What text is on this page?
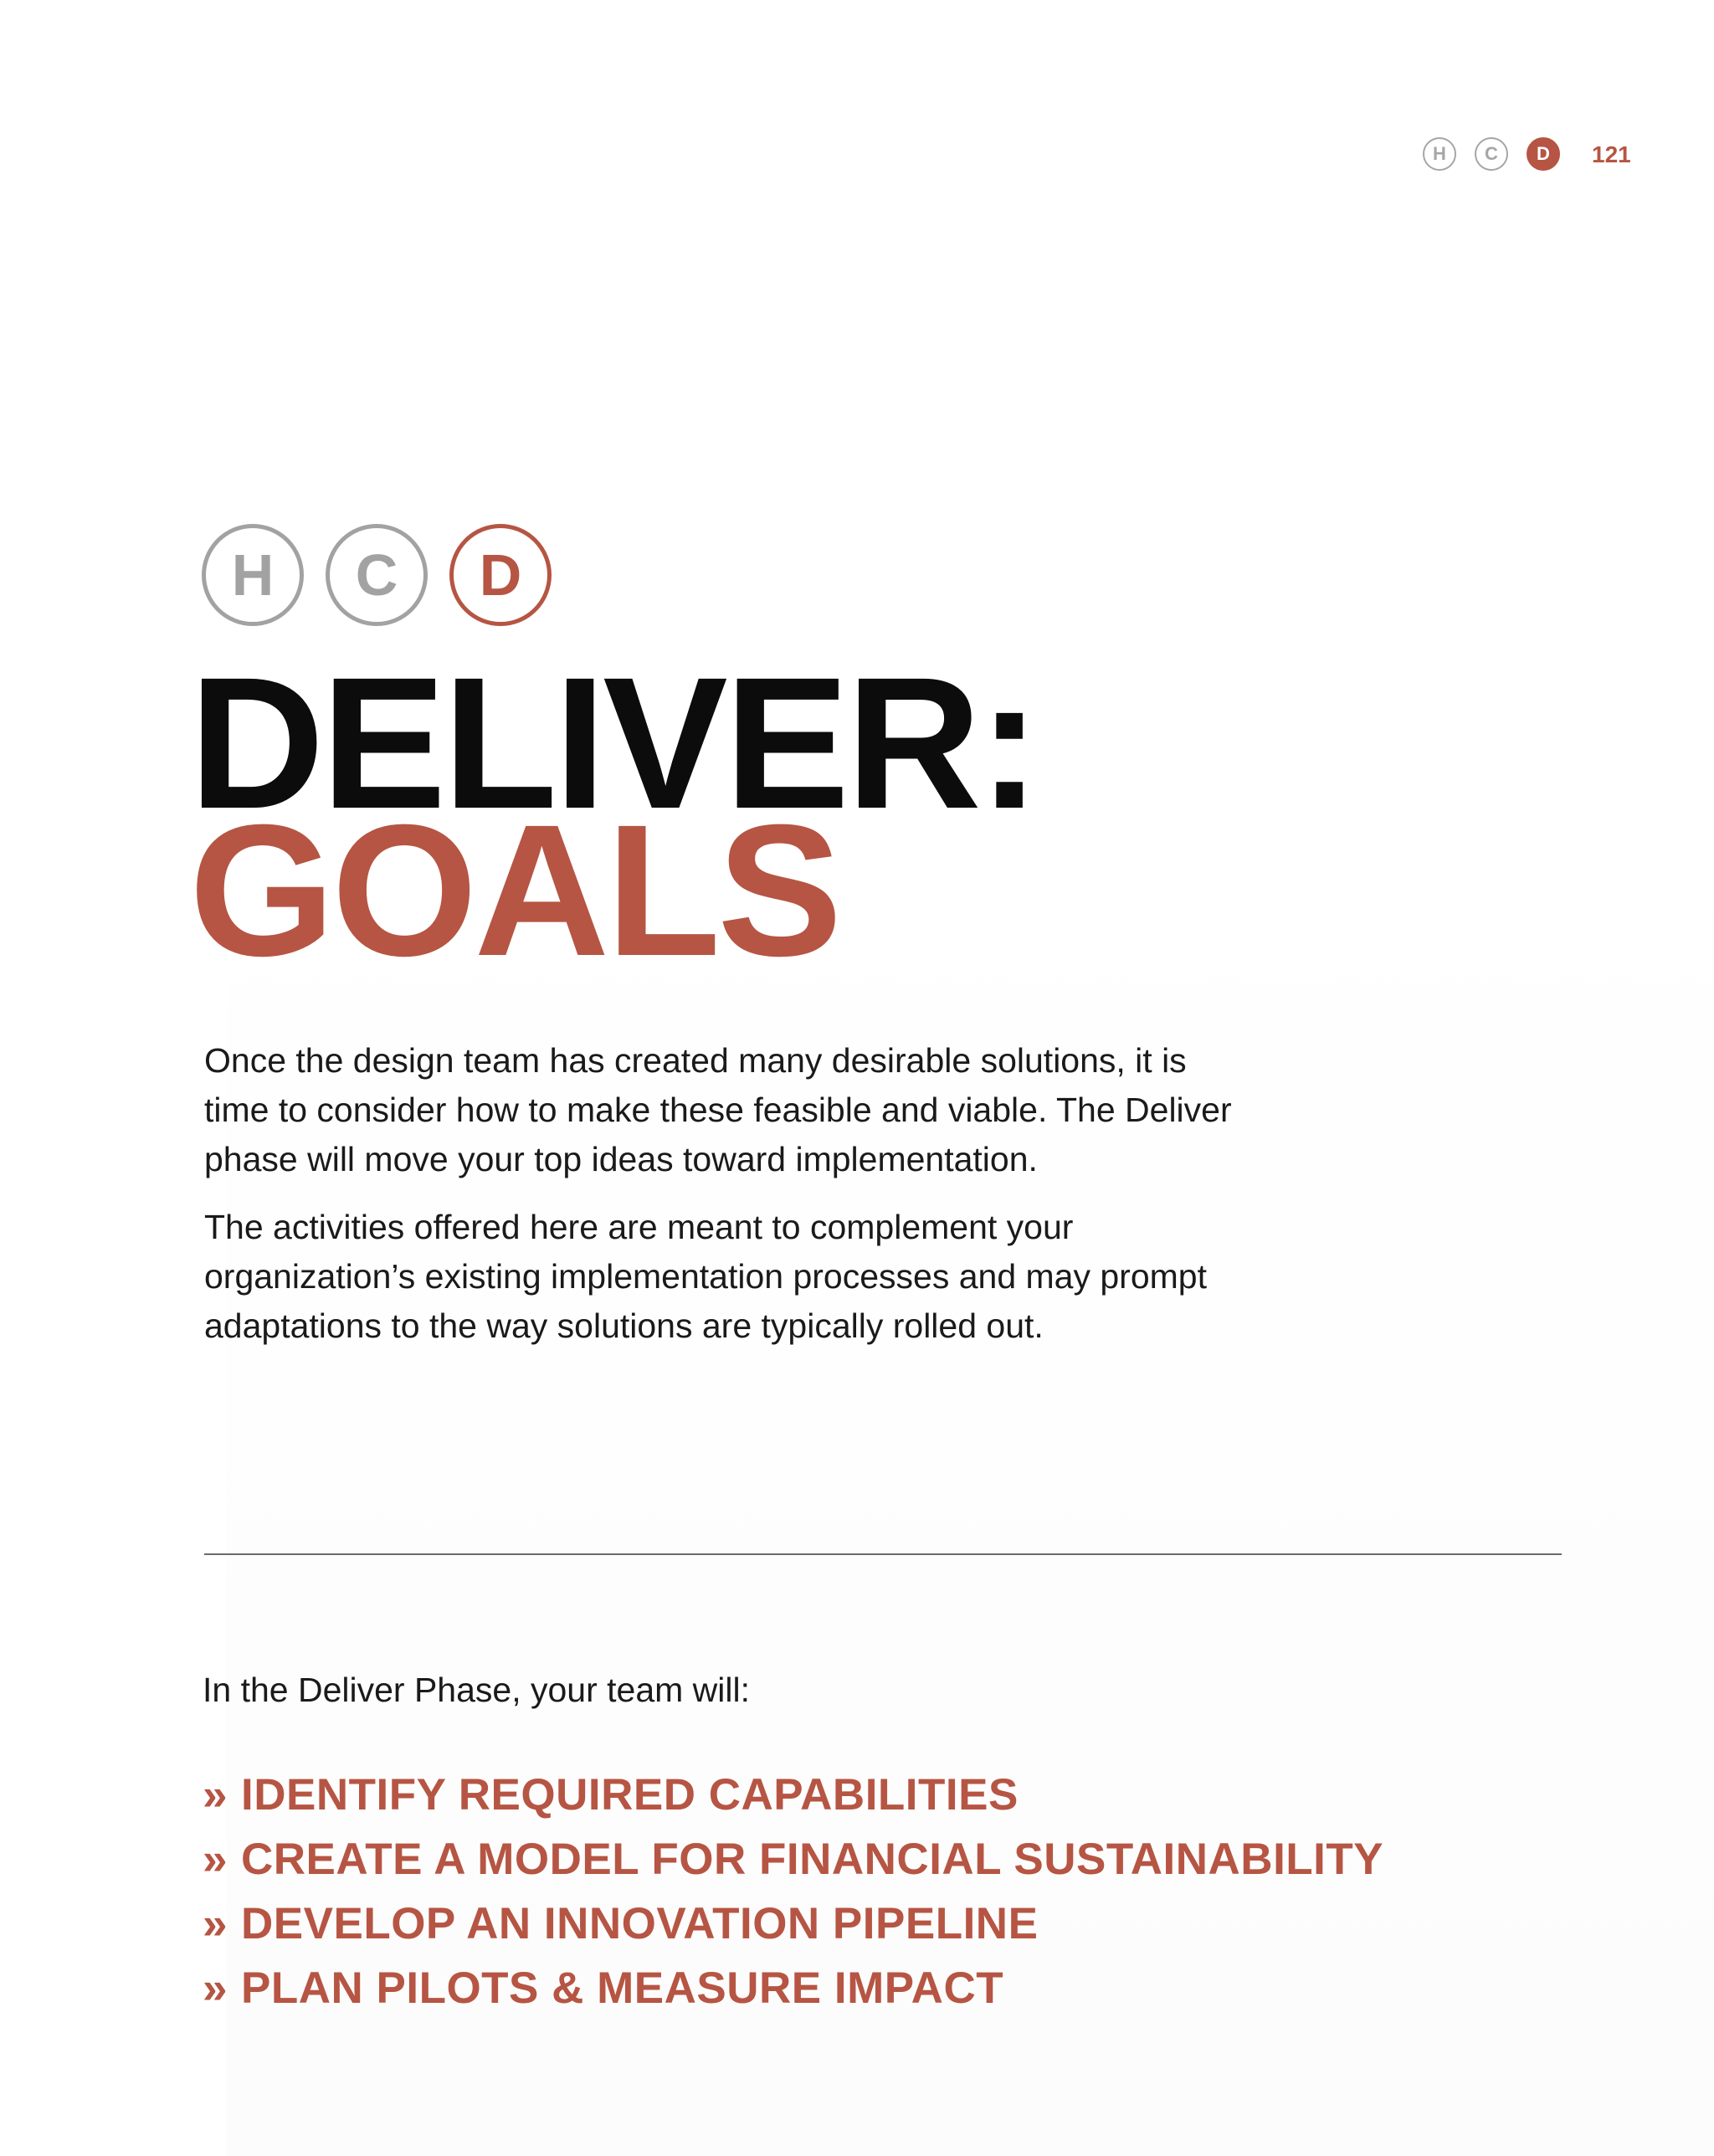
H	C	D	121
H	C	D
DELIVER:
GOALS

Once the design team has created many desirable solutions, it is time to consider how to make these feasible and viable. The Deliver phase will move your top ideas toward implementation.

The activities offered here are meant to complement your organization’s existing implementation processes and may prompt adaptations to the way solutions are typically rolled out.

In the Deliver Phase, your team will:
» IDENTIFY REQUIRED CAPABILITIES
» CREATE A MODEL FOR FINANCIAL SUSTAINABILITY
» DEVELOP AN INNOVATION PIPELINE
» PLAN PILOTS & MEASURE IMPACT
